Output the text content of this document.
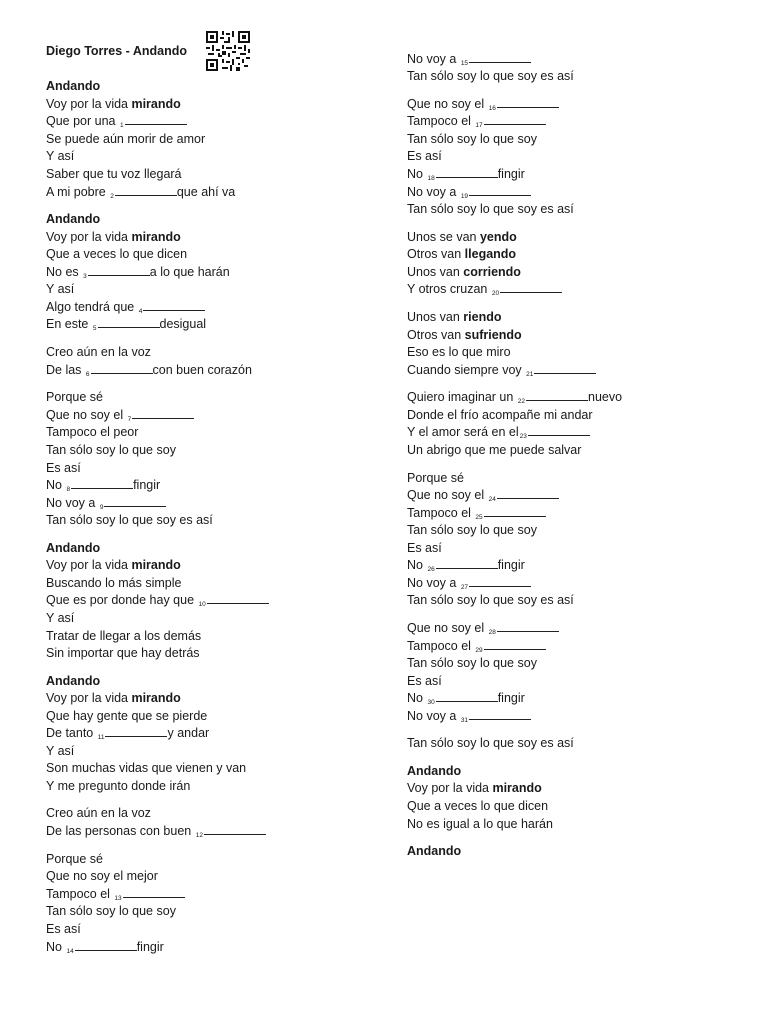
Diego Torres - Andando
Andando
Voy por la vida mirando
Que por una $_1$
Se puede aún morir de amor
Y así
Saber que tu voz llegará
A mi pobre $_2$	que ahí va
Andando
Voy por la vida mirando
Que a veces lo que dicen
No es $_3$	a lo que harán
Y así
Algo tendrá que $_4$
En este $_5$	desigual
Creo aún en la voz
De las $_6$	con buen corazón
Porque sé
Que no soy el $_7$
Tampoco el peor
Tan sólo soy lo que soy
Es así
No $_8$	fingir
No voy a $_9$
Tan sólo soy lo que soy es así
Andando
Voy por la vida mirando
Buscando lo más simple
Que es por donde hay que $_{10}$
Y así
Tratar de llegar a los demás
Sin importar que hay detrás
Andando
Voy por la vida mirando
Que hay gente que se pierde
De tanto $_{11}$	y andar
Y así
Son muchas vidas que vienen y van
Y me pregunto donde irán
Creo aún en la voz
De las personas con buen $_{12}$
Porque sé
Que no soy el mejor
Tampoco el $_{13}$
Tan sólo soy lo que soy
Es así
No $_{14}$	fingir
No voy a $_{15}$
Tan sólo soy lo que soy es así
Que no soy el $_{16}$
Tampoco el $_{17}$
Tan sólo soy lo que soy
Es así
No $_{18}$	fingir
No voy a $_{19}$
Tan sólo soy lo que soy es así
Unos se van yendo
Otros van llegando
Unos van corriendo
Y otros cruzan $_{20}$
Unos van riendo
Otros van sufriendo
Eso es lo que miro
Cuando siempre voy $_{21}$
Quiero imaginar un $_{22}$	nuevo
Donde el frío acompañe mi andar
Y el amor será en $el_{23}$
Un abrigo que me puede salvar
Porque sé
Que no soy el $_{24}$
Tampoco el $_{25}$
Tan sólo soy lo que soy
Es así
No $_{26}$	fingir
No voy a $_{27}$
Tan sólo soy lo que soy es así
Que no soy el $_{28}$
Tampoco el $_{29}$
Tan sólo soy lo que soy
Es así
No $_{30}$	fingir
No voy a $_{31}$
Tan sólo soy lo que soy es así
Andando
Voy por la vida mirando
Que a veces lo que dicen
No es igual a lo que harán
Andando
